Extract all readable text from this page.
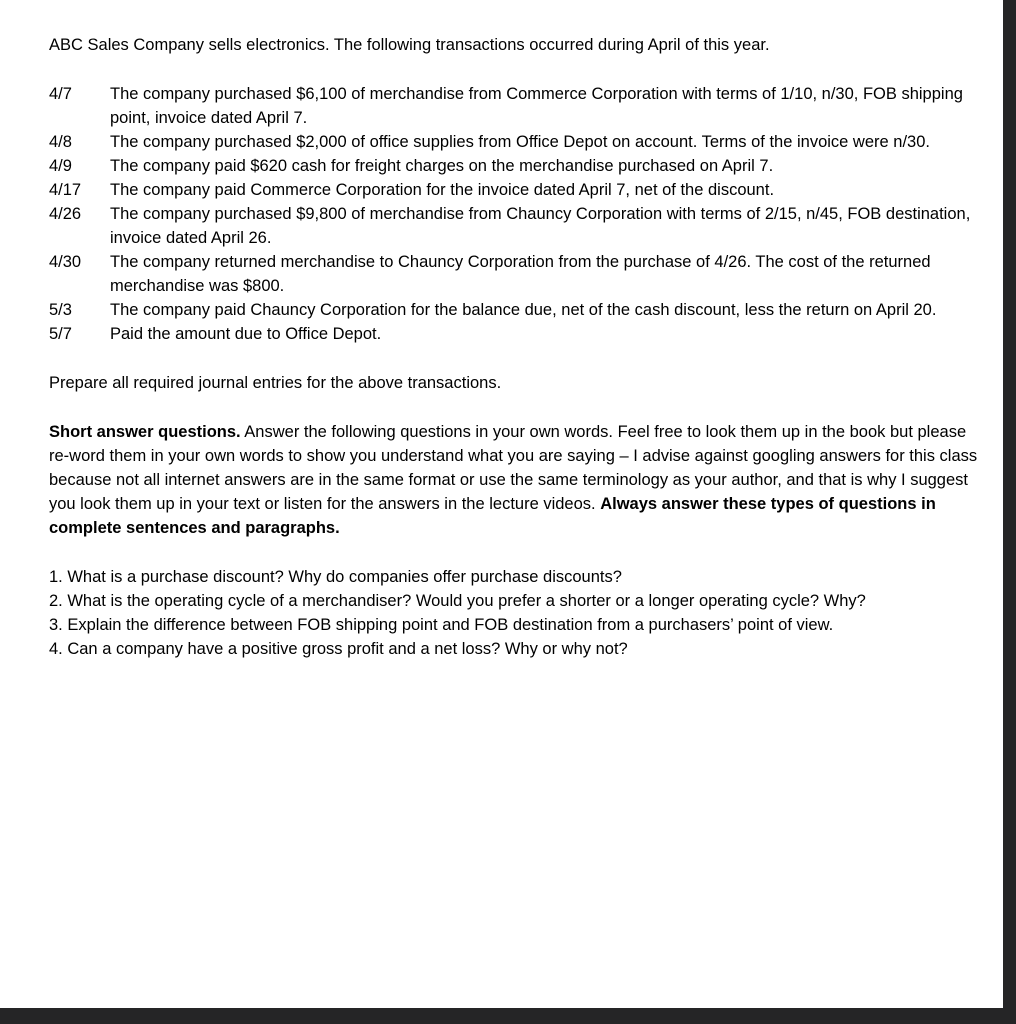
ABC Sales Company sells electronics. The following transactions occurred during April of this year.

4/7	The company purchased $6,100 of merchandise from Commerce Corporation with terms of 1/10, n/30, FOB shipping point, invoice dated April 7.
4/8	The company purchased $2,000 of office supplies from Office Depot on account. Terms of the invoice were n/30.
4/9	The company paid $620 cash for freight charges on the merchandise purchased on April 7.
4/17	The company paid Commerce Corporation for the invoice dated April 7, net of the discount.
4/26	The company purchased $9,800 of merchandise from Chauncy Corporation with terms of 2/15, n/45, FOB destination, invoice dated April 26.
4/30	The company returned merchandise to Chauncy Corporation from the purchase of 4/26. The cost of the returned merchandise was $800.
5/3	The company paid Chauncy Corporation for the balance due, net of the cash discount, less the return on April 20.
5/7	Paid the amount due to Office Depot.

Prepare all required journal entries for the above transactions.

Short answer questions. Answer the following questions in your own words. Feel free to look them up in the book but please re-word them in your own words to show you understand what you are saying – I advise against googling answers for this class because not all internet answers are in the same format or use the same terminology as your author, and that is why I suggest you look them up in your text or listen for the answers in the lecture videos. Always answer these types of questions in complete sentences and paragraphs.

1. What is a purchase discount? Why do companies offer purchase discounts?
2. What is the operating cycle of a merchandiser? Would you prefer a shorter or a longer operating cycle? Why?
3. Explain the difference between FOB shipping point and FOB destination from a purchasers’ point of view.
4. Can a company have a positive gross profit and a net loss? Why or why not?
